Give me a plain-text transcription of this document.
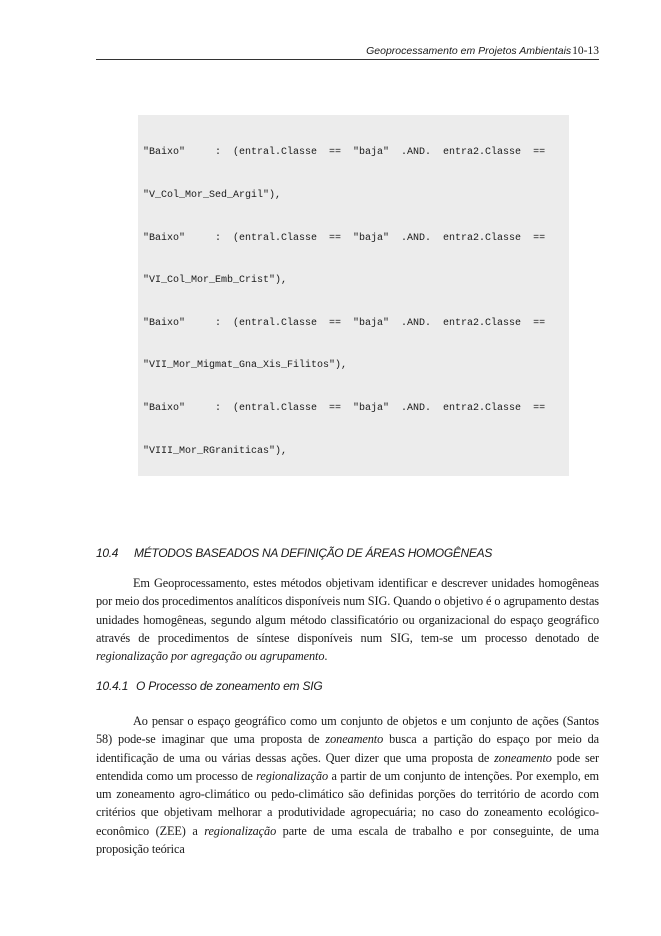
Geoprocessamento em Projetos Ambientais10-13

"Baixo"     :  (entral.Classe  ==  "baja"  .AND.  entra2.Classe  ==

"V_Col_Mor_Sed_Argil"),

"Baixo"     :  (entral.Classe  ==  "baja"  .AND.  entra2.Classe  ==

"VI_Col_Mor_Emb_Crist"),

"Baixo"     :  (entral.Classe  ==  "baja"  .AND.  entra2.Classe  ==

"VII_Mor_Migmat_Gna_Xis_Filitos"),

"Baixo"     :  (entral.Classe  ==  "baja"  .AND.  entra2.Classe  ==

"VIII_Mor_RGraniticas"),

10.4 MÉTODOS BASEADOS NA DEFINIÇÃO DE ÁREAS HOMOGÊNEAS
Em Geoprocessamento, estes métodos objetivam identificar e descrever unidades homogêneas por meio dos procedimentos analíticos disponíveis num SIG. Quando o objetivo é o agrupamento destas unidades homogêneas, segundo algum método classificatório ou organizacional do espaço geográfico através de procedimentos de síntese disponíveis num SIG, tem-se um processo denotado de regionalização por agregação ou agrupamento.
10.4.1 O Processo de zoneamento em SIG
Ao pensar o espaço geográfico como um conjunto de objetos e um conjunto de ações (Santos 58) pode-se imaginar que uma proposta de zoneamento busca a partição do espaço por meio da identificação de uma ou várias dessas ações. Quer dizer que uma proposta de zoneamento pode ser entendida como um processo de regionalização a partir de um conjunto de intenções. Por exemplo, em um zoneamento agro-climático ou pedo-climático são definidas porções do território de acordo com critérios que objetivam melhorar a produtividade agropecuária; no caso do zoneamento ecológico-econômico (ZEE) a regionalização parte de uma escala de trabalho e por conseguinte, de uma proposição teórica
